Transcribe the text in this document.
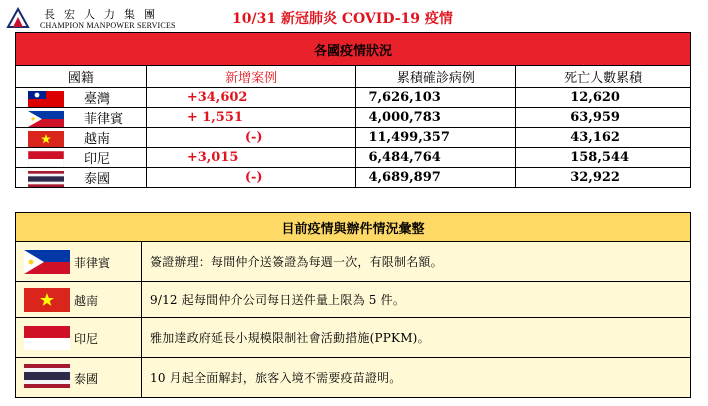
長宏人力集團
CHAMPION MANPOWER SERVICES	10/31 新冠肺炎 COVID-19 疫情
各國疫情狀況			
國籍	新增案例	累積確診病例	死亡人數累積

臺灣	+34,602	7,626,103	12,620

菲律賓	+ 1,551	4,000,783	63,959

越南	(-)	11,499,357	43,162

印尼	+3,015	6,484,764	158,544

泰國	(-)	4,689,897	32,922
目前疫情與辦件情況彙整	

菲律賓	簽證辦理：每間仲介送簽證為每週一次，有限制名額。

越南	9/12 起每間仲介公司每日送件量上限為 5 件。

印尼	雅加達政府延長小規模限制社會活動措施(PPKM)。

泰國	10 月起全面解封，旅客入境不需要疫苗證明。
